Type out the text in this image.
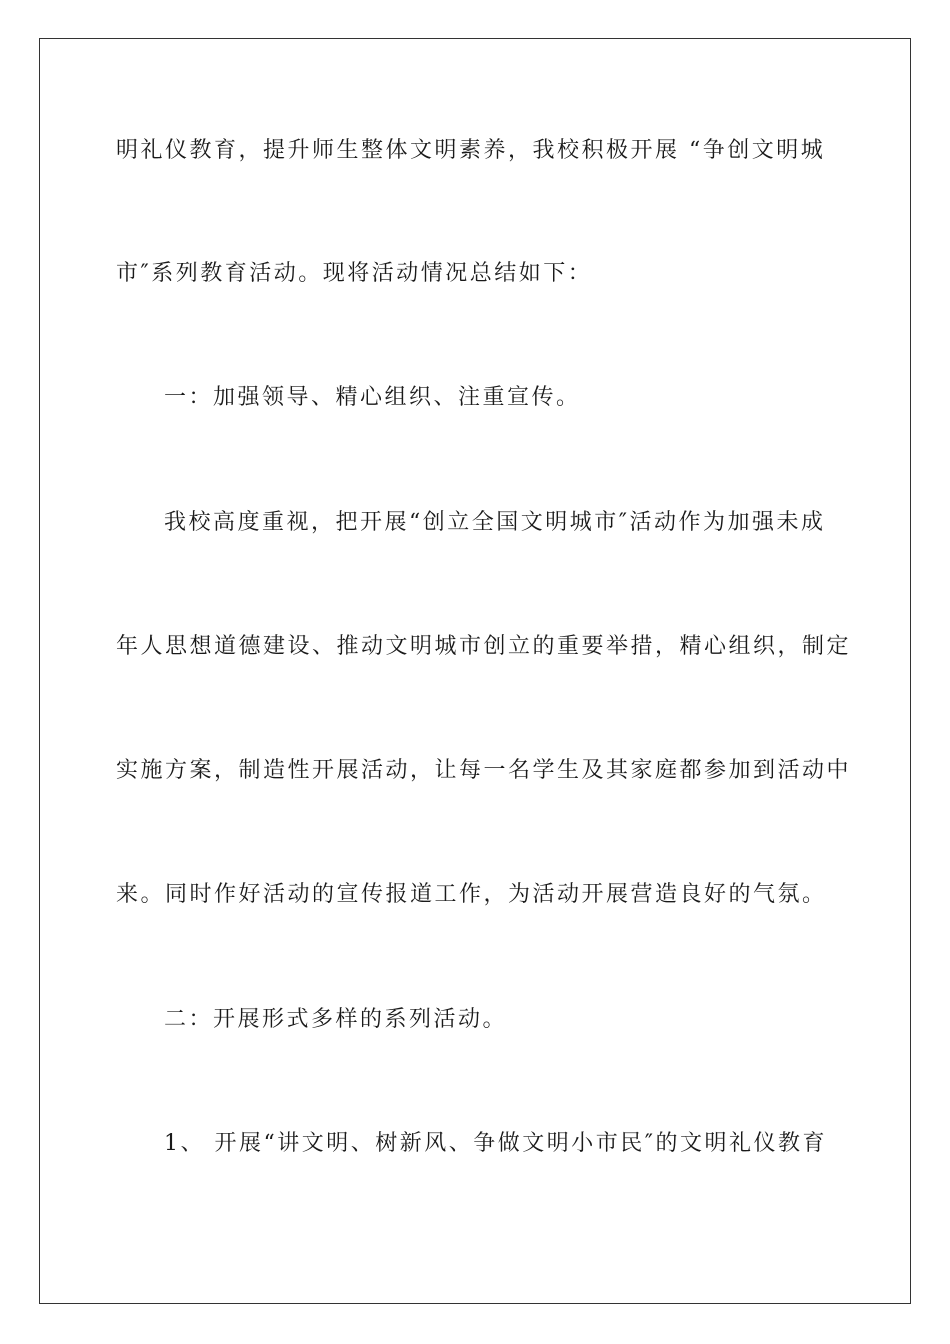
明礼仪教育，提升师生整体文明素养，我校积极开展 “争创文明城
市″系列教育活动。现将活动情况总结如下：
一：加强领导、精心组织、注重宣传。
我校高度重视，把开展“创立全国文明城市″活动作为加强未成
年人思想道德建设、推动文明城市创立的重要举措，精心组织，制定
实施方案，制造性开展活动，让每一名学生及其家庭都参加到活动中
来。同时作好活动的宣传报道工作，为活动开展营造良好的气氛。
二：开展形式多样的系列活动。
1、 开展“讲文明、树新风、争做文明小市民″的文明礼仪教育
